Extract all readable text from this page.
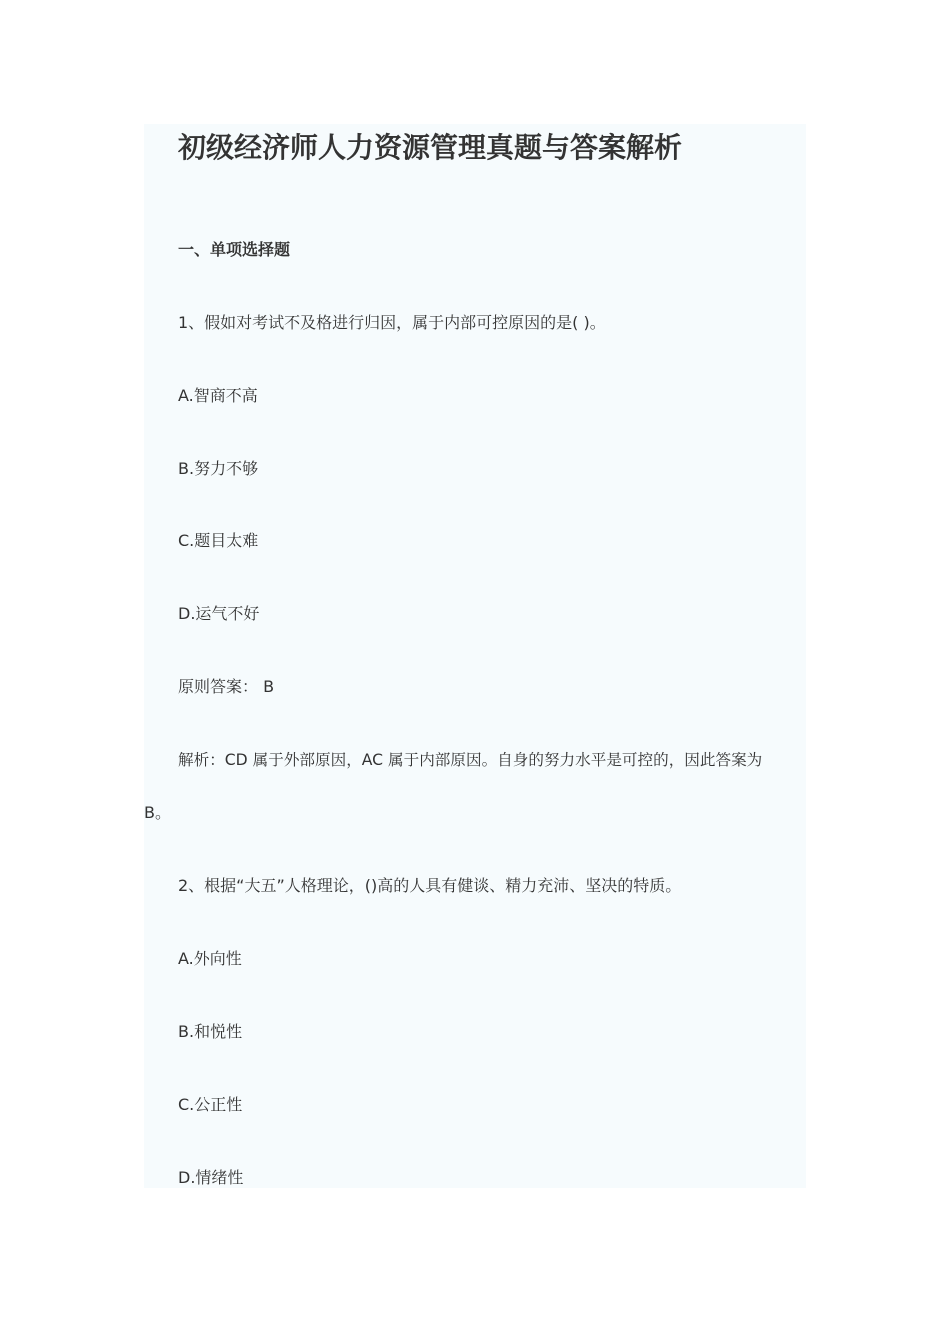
初级经济师人力资源管理真题与答案解析
一、单项选择题
1、假如对考试不及格进行归因，属于内部可控原因的是( )。
A.智商不高
B.努力不够
C.题目太难
D.运气不好
原则答案： B
解析：CD 属于外部原因，AC 属于内部原因。自身的努力水平是可控的，因此答案为
B。
2、根据“大五”人格理论，()高的人具有健谈、精力充沛、坚决的特质。
A.外向性
B.和悦性
C.公正性
D.情绪性
